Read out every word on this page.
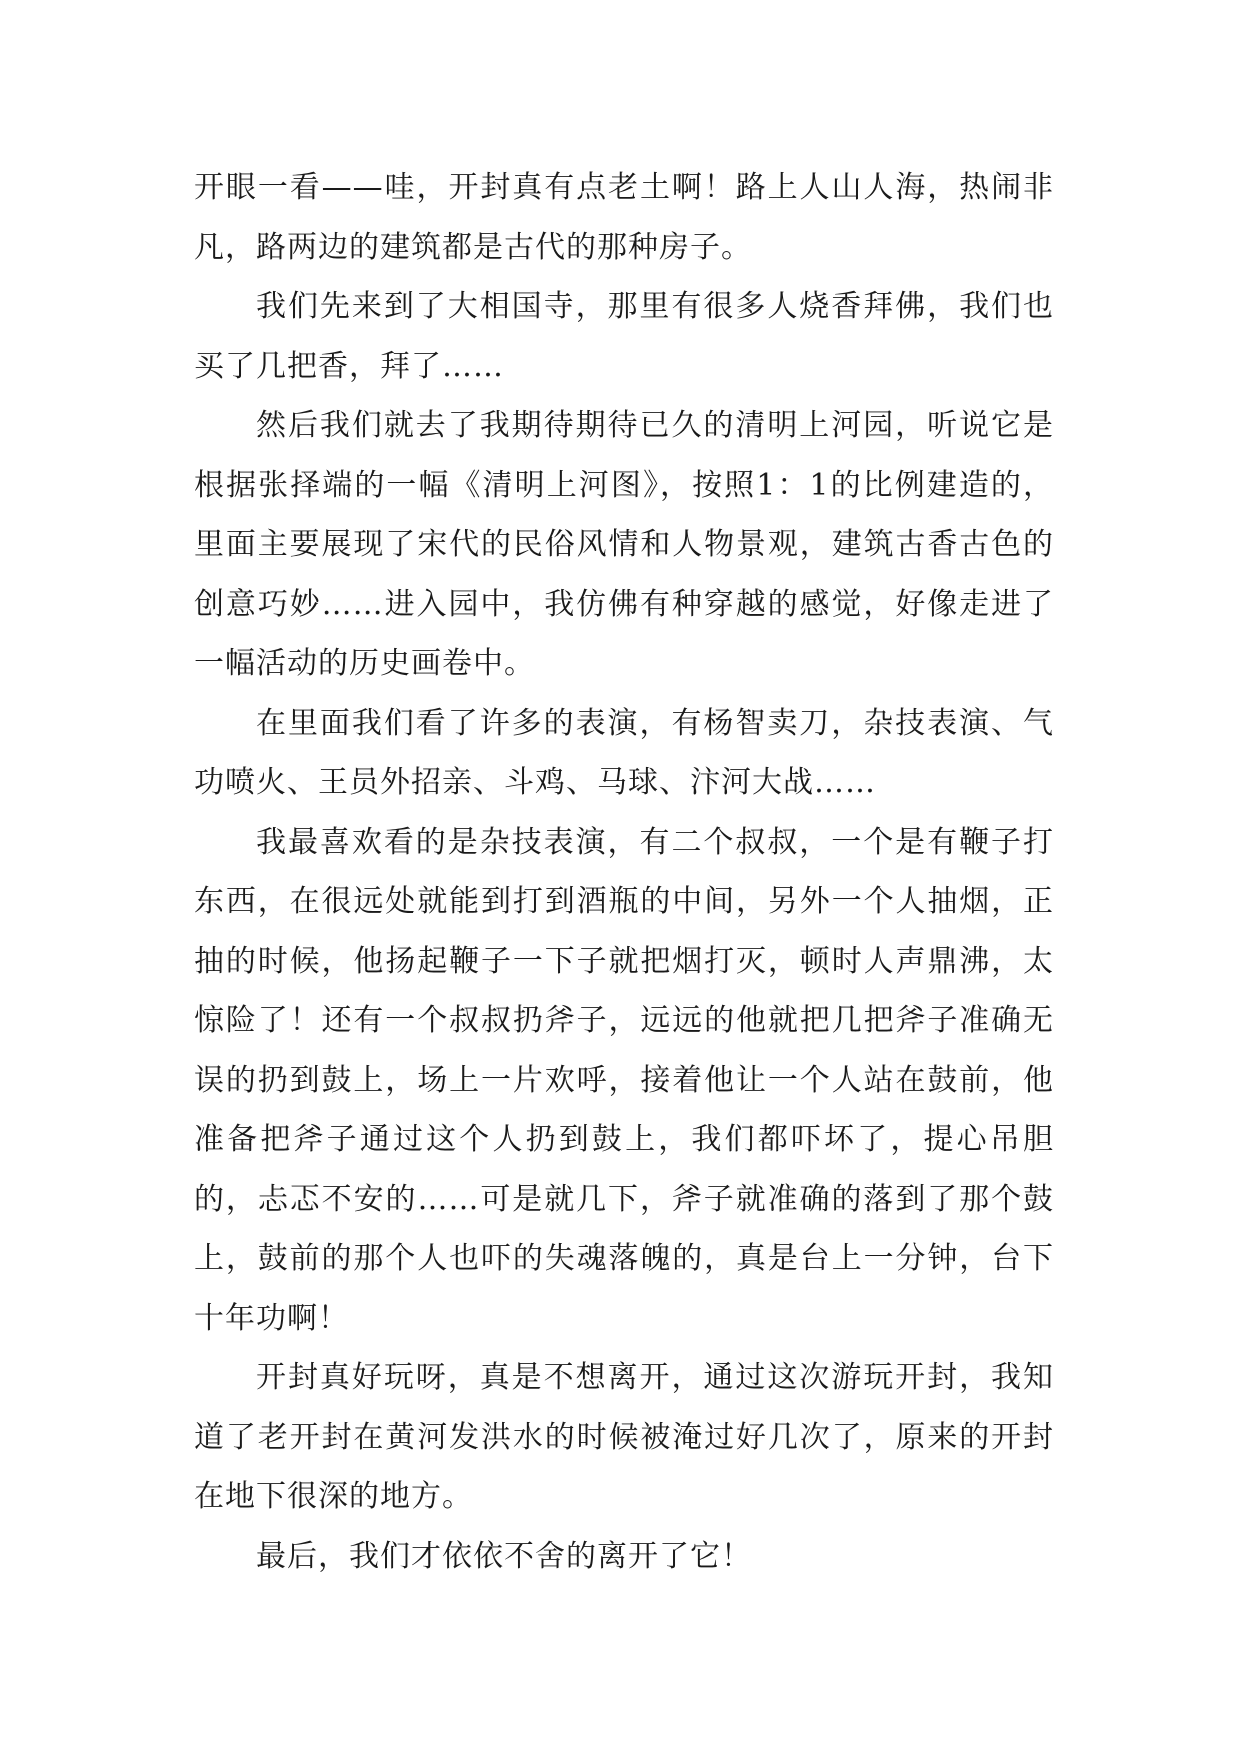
开眼一看——哇，开封真有点老土啊！路上人山人海，热闹非凡，路两边的建筑都是古代的那种房子。

我们先来到了大相国寺，那里有很多人烧香拜佛，我们也买了几把香，拜了……

然后我们就去了我期待期待已久的清明上河园，听说它是根据张择端的一幅《清明上河图》，按照1：1的比例建造的，里面主要展现了宋代的民俗风情和人物景观，建筑古香古色的创意巧妙……进入园中，我仿佛有种穿越的感觉，好像走进了一幅活动的历史画卷中。

在里面我们看了许多的表演，有杨智卖刀，杂技表演、气功喷火、王员外招亲、斗鸡、马球、汴河大战……

我最喜欢看的是杂技表演，有二个叔叔，一个是有鞭子打东西，在很远处就能到打到酒瓶的中间，另外一个人抽烟，正抽的时候，他扬起鞭子一下子就把烟打灭，顿时人声鼎沸，太惊险了！还有一个叔叔扔斧子，远远的他就把几把斧子准确无误的扔到鼓上，场上一片欢呼，接着他让一个人站在鼓前，他准备把斧子通过这个人扔到鼓上，我们都吓坏了，提心吊胆的，忐忑不安的……可是就几下，斧子就准确的落到了那个鼓上，鼓前的那个人也吓的失魂落魄的，真是台上一分钟，台下十年功啊！

开封真好玩呀，真是不想离开，通过这次游玩开封，我知道了老开封在黄河发洪水的时候被淹过好几次了，原来的开封在地下很深的地方。

最后，我们才依依不舍的离开了它！
